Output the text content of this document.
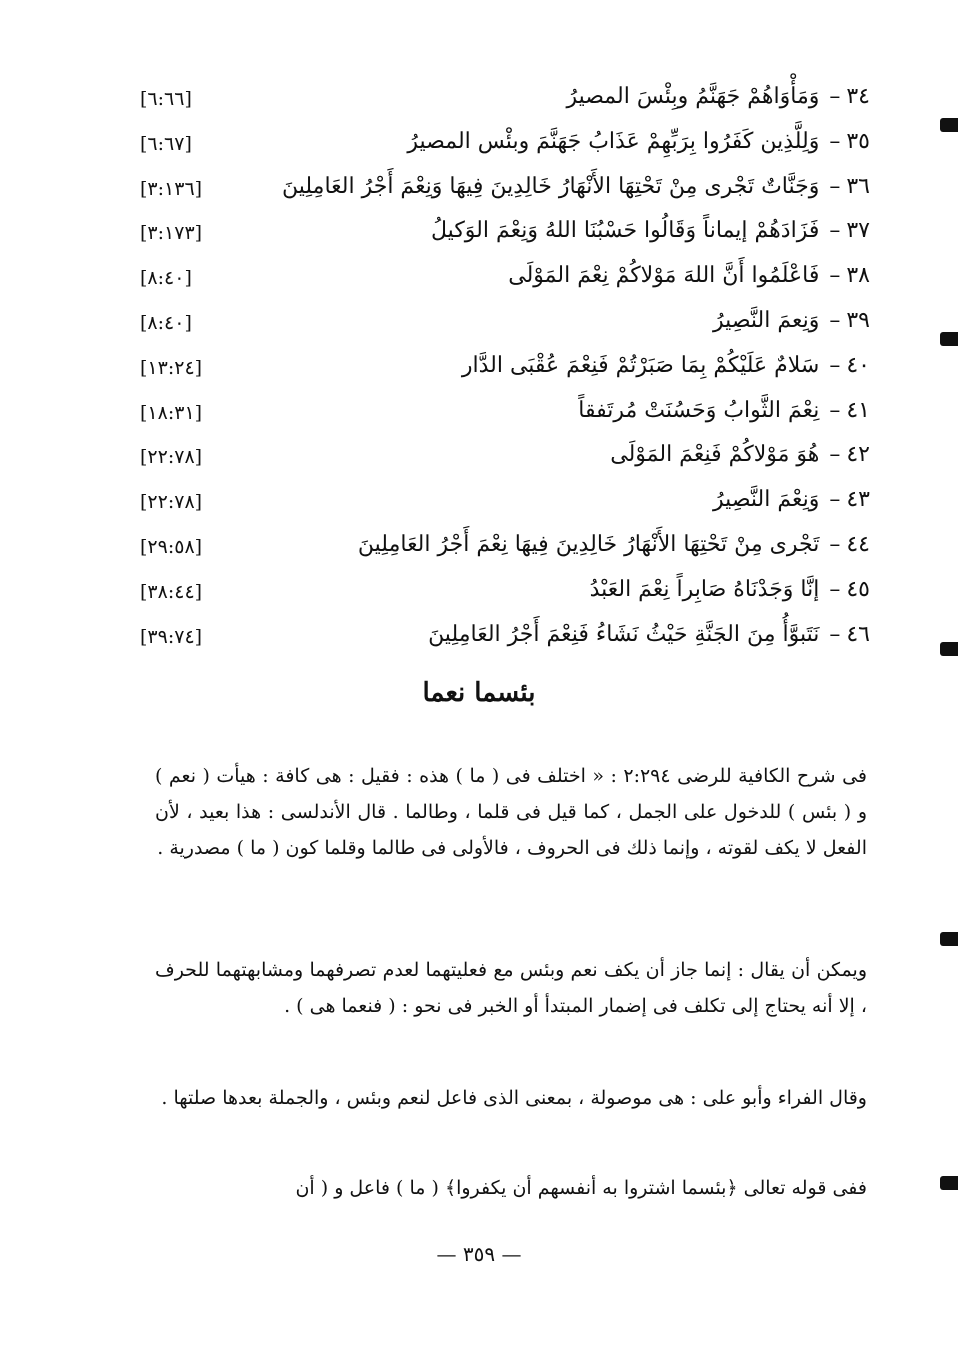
٣٤–وَمَأْوَاهُمْ جَهَنَّمُ وبِئْسَ المصيرُ
[٦:٦٦]
٣٥–وَلِلَّذِين كَفَرُوا بِرَبِّهِمْ عَذَابُ جَهَنَّمَ وبئْس المصيرُ
[٦:٦٧]
٣٦–وَجَنَّاتٌ تَجْرى مِنْ تَحْتِهَا الأَنْهَارُ خَالِدِينَ فِيهَا وَنِعْمَ أَجْرُ العَامِلِينَ
[٣:١٣٦]
٣٧–فَزَادَهُمْ إيماناً وَقَالُوا حَسْبُنَا اللهُ وَنِعْمَ الوَكيلُ
[٣:١٧٣]
٣٨–فَاعْلَمُوا أَنَّ اللهَ مَوْلاكُمْ نِعْمَ المَوْلَى
[٨:٤٠]
٣٩–وَنِعمَ النَّصِيرُ
[٨:٤٠]
٤٠–سَلامٌ عَلَيْكُمْ بِمَا صَبَرْتُمْ فَنِعْمَ عُقْبَى الدَّار
[١٣:٢٤]
٤١–نِعْمَ الثَّوابُ وَحَسُنَتْ مُرتَفقاً
[١٨:٣١]
٤٢–هُوَ مَوْلاكُمْ فَنِعْمَ المَوْلَى
[٢٢:٧٨]
٤٣–وَنِعْمَ النَّصِيرُ
[٢٢:٧٨]
٤٤–تَجْرى مِنْ تَحْتِهَا الأَنْهَارُ خَالِدِينَ فِيهَا نِعْمَ أَجْرُ العَامِلِينَ
[٢٩:٥٨]
٤٥–إنَّا وَجَدْنَاهُ صَابِراً نِعْمَ العَبْدُ
[٣٨:٤٤]
٤٦–نَتَبوَّأُ مِنَ الجَنَّةِ حَيْثُ نَشَاءُ فَنِعْمَ أَجْرُ العَامِلِينَ
[٣٩:٧٤]
بئسما نعما
فى شرح الكافية للرضى ٢:٢٩٤ : « اختلف فى ( ما ) هذه : فقيل : هى كافة : هيأت ( نعم ) و ( بئس ) للدخول على الجمل ، كما قيل فى قلما ، وطالما . قال الأندلسى : هذا بعيد ، لأن الفعل لا يكف لقوته ، وإنما ذلك فى الحروف ، فالأولى فى طالما وقلما كون ( ما ) مصدرية .
ويمكن أن يقال : إنما جاز أن يكف نعم وبئس مع فعليتهما لعدم تصرفهما ومشابهتهما للحرف ، إلا أنه يحتاج إلى تكلف فى إضمار المبتدأ أو الخبر فى نحو : ( فنعما هى ) .
وقال الفراء وأبو على : هى موصولة ، بمعنى الذى فاعل لنعم وبئس ، والجملة بعدها صلتها .
ففى قوله تعالى ﴿بئسما اشتروا به أنفسهم أن يكفروا﴾ ( ما ) فاعل و ( أن
— ٣٥٩ —
